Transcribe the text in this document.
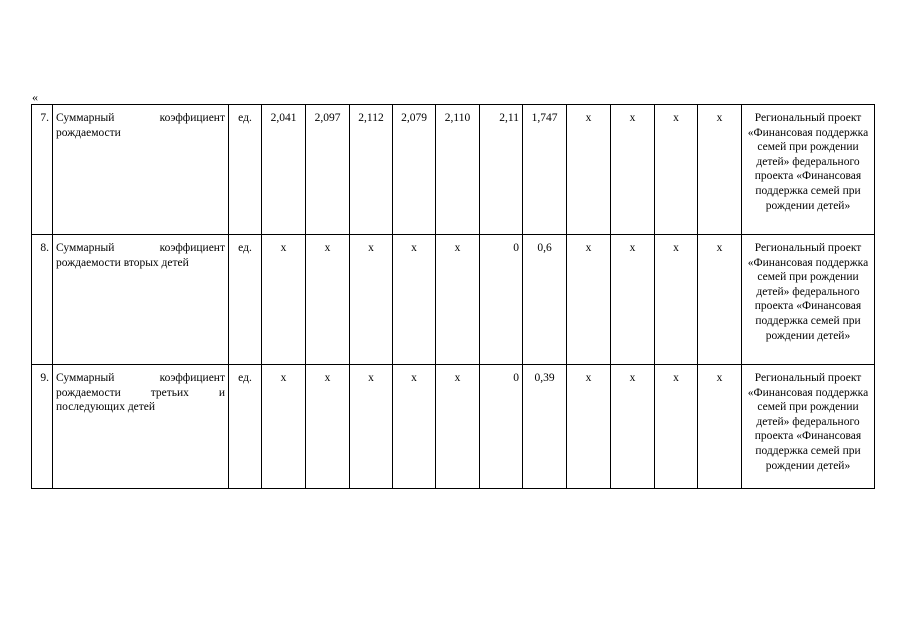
«
7.	Суммарный коэффициент рождаемости	ед.	2,041	2,097	2,112	2,079	2,110	2,11	1,747	x	x	x	x	Региональный проект «Финансовая поддержка семей при рождении детей» федерального проекта «Финансовая поддержка семей при рождении детей»
8.	Суммарный коэффициент рождаемости вторых детей	ед.	x	x	x	x	x	0	0,6	x	x	x	x	Региональный проект «Финансовая поддержка семей при рождении детей» федерального проекта «Финансовая поддержка семей при рождении детей»
9.	Суммарный коэффициент рождаемости третьих и последующих детей	ед.	x	x	x	x	x	0	0,39	x	x	x	x	Региональный проект «Финансовая поддержка семей при рождении детей» федерального проекта «Финансовая поддержка семей при рождении детей»
